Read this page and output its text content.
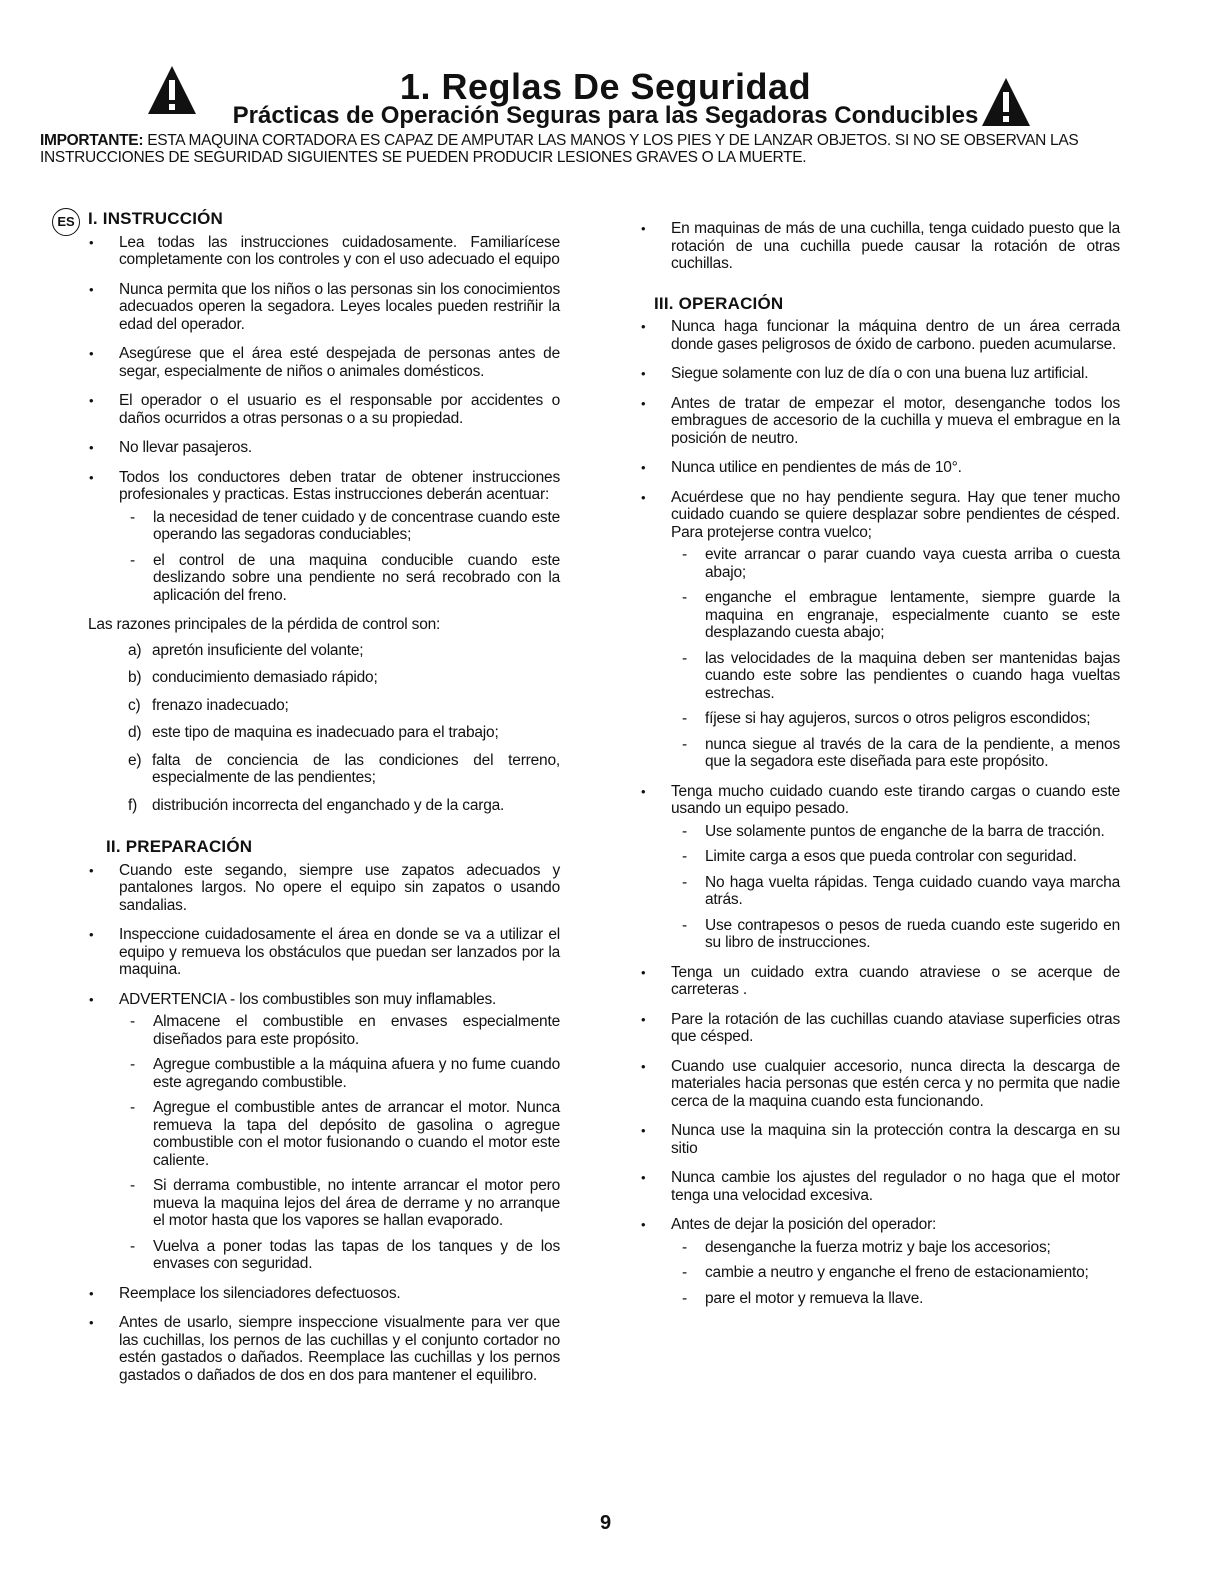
1. Reglas De Seguridad
Prácticas de Operación Seguras para las Segadoras Conducibles
IMPORTANTE: ESTA MAQUINA CORTADORA ES CAPAZ DE AMPUTAR LAS MANOS Y LOS PIES Y DE LANZAR OBJETOS. SI NO SE OBSERVAN LAS INSTRUCCIONES DE SEGURIDAD SIGUIENTES SE PUEDEN PRODUCIR LESIONES GRAVES O LA MUERTE.
ES I. INSTRUCCIÓN
• Lea todas las instrucciones cuidadosamente. Familiarícese completamente con los controles y con el uso adecuado el equipo
• Nunca permita que los niños o las personas sin los conocimientos adecuados operen la segadora. Leyes locales pueden restriñir la edad del operador.
• Asegúrese que el área esté despejada de personas antes de segar, especialmente de niños o animales domésticos.
• El operador o el usuario es el responsable por accidentes o daños ocurridos a otras personas o a su propiedad.
• No llevar pasajeros.
• Todos los conductores deben tratar de obtener instrucciones profesionales y practicas. Estas instrucciones deberán acentuar:
- la necesidad de tener cuidado y de concentrase cuando este operando las segadoras conduciables;
- el control de una maquina conducible cuando este deslizando sobre una pendiente no será recobrado con la aplicación del freno.
Las razones principales de la pérdida de control son:
a) apretón insuficiente del volante;
b) conducimiento demasiado rápido;
c) frenazo inadecuado;
d) este tipo de maquina es inadecuado para el trabajo;
e) falta de conciencia de las condiciones del terreno, especialmente de las pendientes;
f) distribución incorrecta del enganchado y de la carga.
II. PREPARACIÓN
• Cuando este segando, siempre use zapatos adecuados y pantalones largos. No opere el equipo sin zapatos o usando sandalias.
• Inspeccione cuidadosamente el área en donde se va a utilizar el equipo y remueva los obstáculos que puedan ser lanzados por la maquina.
• ADVERTENCIA - los combustibles son muy inflamables.
- Almacene el combustible en envases especialmente diseñados para este propósito.
- Agregue combustible a la máquina afuera y no fume cuando este agregando combustible.
- Agregue el combustible antes de arrancar el motor. Nunca remueva la tapa del depósito de gasolina o agregue combustible con el motor fusionando o cuando el motor este caliente.
- Si derrama combustible, no intente arrancar el motor pero mueva la maquina lejos del área de derrame y no arranque el motor hasta que los vapores se hallan evaporado.
- Vuelva a poner todas las tapas de los tanques y de los envases con seguridad.
• Reemplace los silenciadores defectuosos.
• Antes de usarlo, siempre inspeccione visualmente para ver que las cuchillas, los pernos de las cuchillas y el conjunto cortador no estén gastados o dañados. Reemplace las cuchillas y los pernos gastados o dañados de dos en dos para mantener el equilibro.
• En maquinas de más de una cuchilla, tenga cuidado puesto que la rotación de una cuchilla puede causar la rotación de otras cuchillas.
III. OPERACIÓN
• Nunca haga funcionar la máquina dentro de un área cerrada donde gases peligrosos de óxido de carbono. pueden acumularse.
• Siegue solamente con luz de día o con una buena luz artificial.
• Antes de tratar de empezar el motor, desenganche todos los embragues de accesorio de la cuchilla y mueva el embrague en la posición de neutro.
• Nunca utilice en pendientes de más de 10°.
• Acuérdese que no hay pendiente segura. Hay que tener mucho cuidado cuando se quiere desplazar sobre pendientes de césped. Para protejerse contra vuelco;
- evite arrancar o parar cuando vaya cuesta arriba o cuesta abajo;
- enganche el embrague lentamente, siempre guarde la maquina en engranaje, especialmente cuanto se este desplazando cuesta abajo;
- las velocidades de la maquina deben ser mantenidas bajas cuando este sobre las pendientes o cuando haga vueltas estrechas.
- fíjese si hay agujeros, surcos o otros peligros escondidos;
- nunca siegue al través de la cara de la pendiente, a menos que la segadora este diseñada para este propósito.
• Tenga mucho cuidado cuando este tirando cargas o cuando este usando un equipo pesado.
- Use solamente puntos de enganche de la barra de tracción.
- Limite carga a esos que pueda controlar con seguridad.
- No haga vuelta rápidas. Tenga cuidado cuando vaya marcha atrás.
- Use contrapesos o pesos de rueda cuando este sugerido en su libro de instrucciones.
• Tenga un cuidado extra cuando atraviese o se acerque de carreteras .
• Pare la rotación de las cuchillas cuando ataviase superficies otras que césped.
• Cuando use cualquier accesorio, nunca directa la descarga de materiales hacia personas que estén cerca y no permita que nadie cerca de la maquina cuando esta funcionando.
• Nunca use la maquina sin la protección contra la descarga en su sitio
• Nunca cambie los ajustes del regulador o no haga que el motor tenga una velocidad excesiva.
• Antes de dejar la posición del operador:
- desenganche la fuerza motriz y baje los accesorios;
- cambie a neutro y enganche el freno de estacionamiento;
- pare el motor y remueva la llave.
9
